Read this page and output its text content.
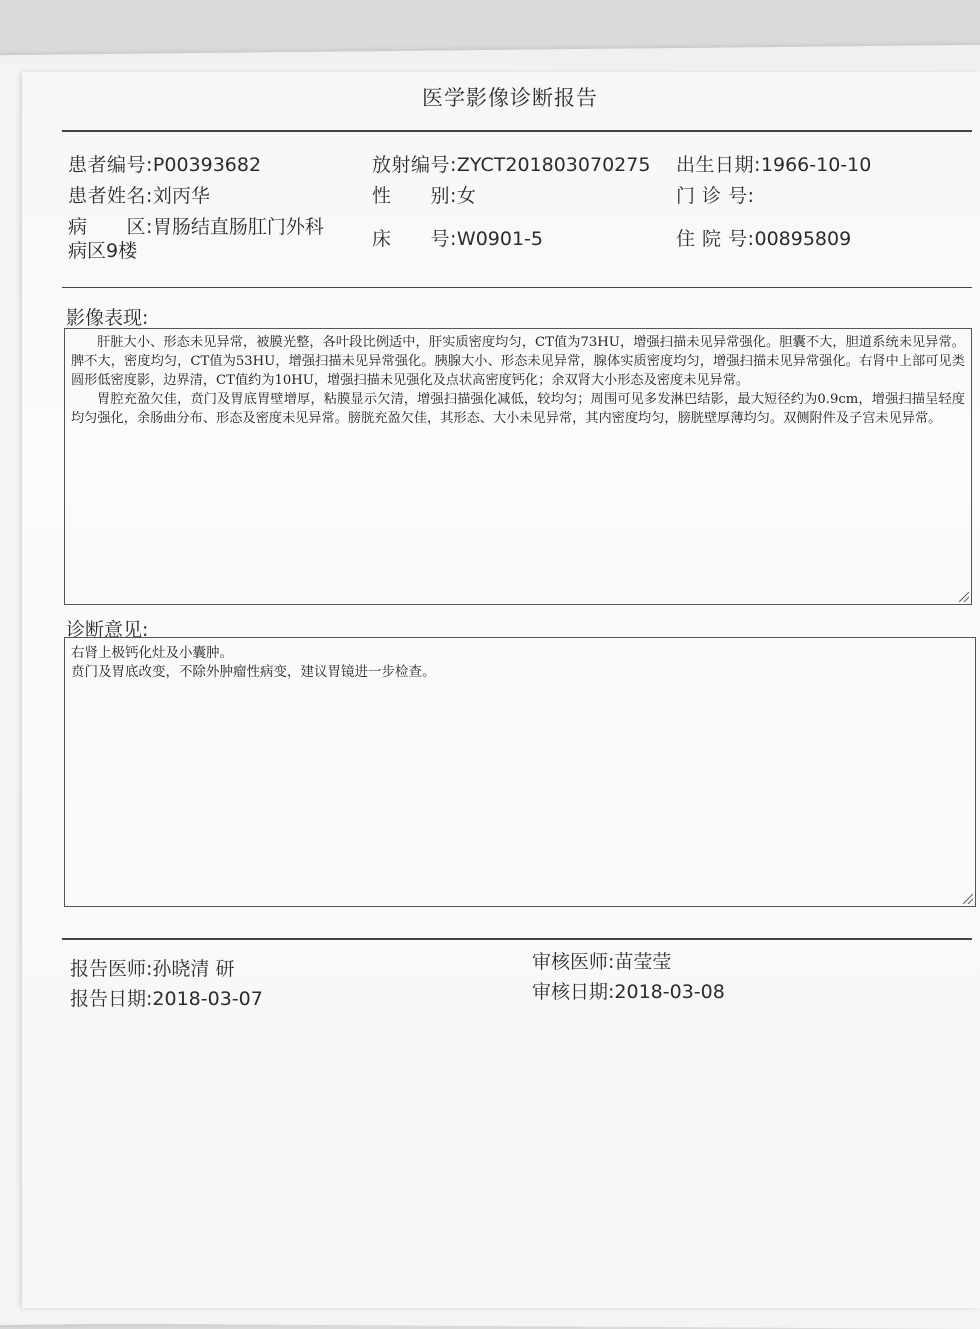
医学影像诊断报告
患者编号:P00393682	放射编号:ZYCT201803070275 出生日期:1966-10-10
患者姓名:刘丙华	性　　别:女	门 诊 号:
病　　区:胃肠结直肠肛门外科
病区9楼
床　　号:W0901-5	住 院 号:00895809
影像表现:

肝脏大小、形态未见异常，被膜光整，各叶段比例适中，肝实质密度均匀，CT值为73HU，增强扫描未见异常强化。胆囊不大，胆道系统未见异常。脾不大，密度均匀，CT值为53HU，增强扫描未见异常强化。胰腺大小、形态未见异常，腺体实质密度均匀，增强扫描未见异常强化。右肾中上部可见类圆形低密度影，边界清，CT值约为10HU，增强扫描未见强化及点状高密度钙化；余双肾大小形态及密度未见异常。

胃腔充盈欠佳，贲门及胃底胃壁增厚，粘膜显示欠清，增强扫描强化减低，较均匀；周围可见多发淋巴结影，最大短径约为0.9cm，增强扫描呈轻度均匀强化，余肠曲分布、形态及密度未见异常。膀胱充盈欠佳，其形态、大小未见异常，其内密度均匀，膀胱壁厚薄均匀。双侧附件及子宫未见异常。

诊断意见:

右肾上极钙化灶及小囊肿。

贲门及胃底改变，不除外肿瘤性病变，建议胃镜进一步检查。

报告医师:孙晓清 研
报告日期:2018-03-07
审核医师:苗莹莹
审核日期:2018-03-08
